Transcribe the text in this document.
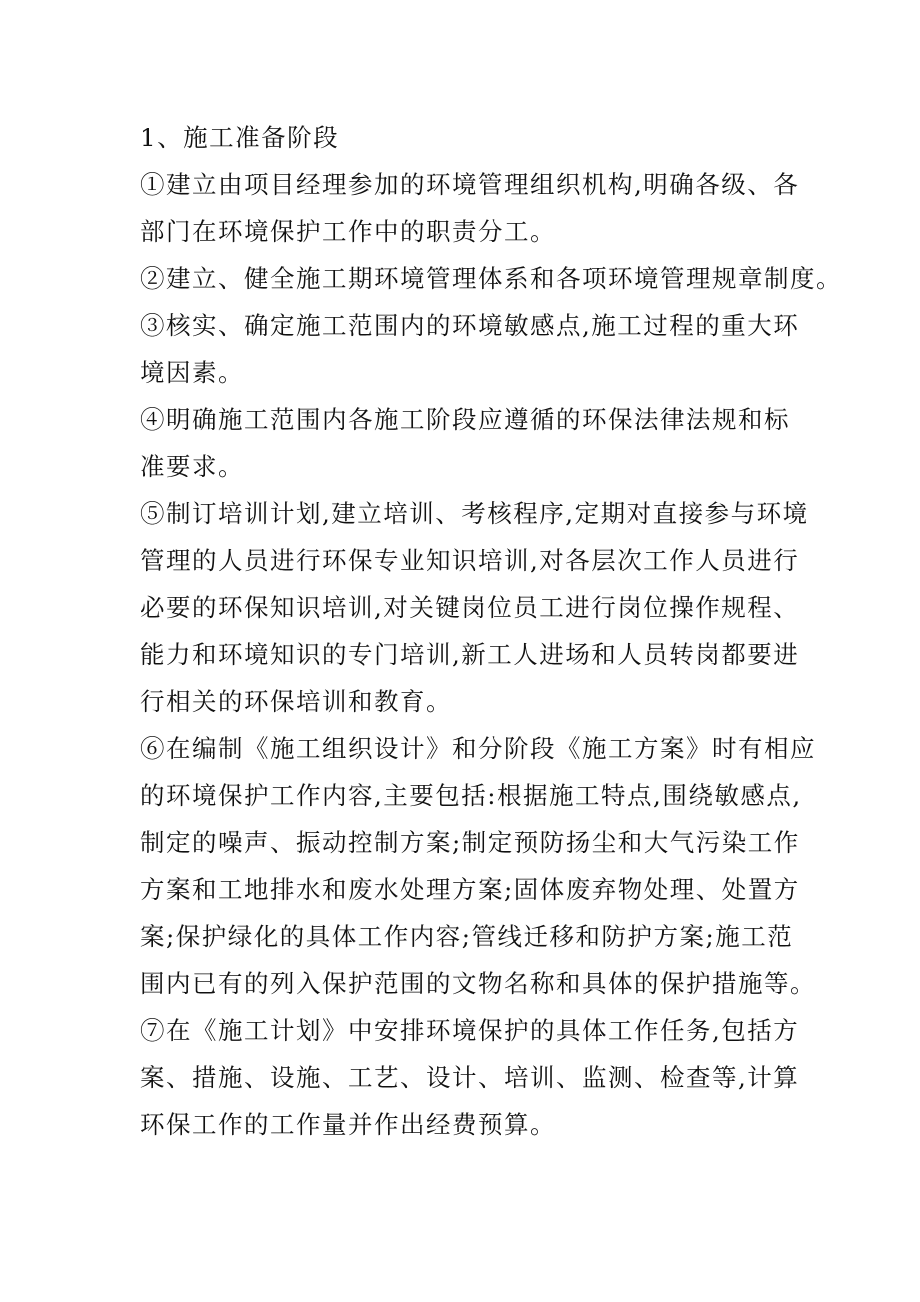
1、施工准备阶段
①建立由项目经理参加的环境管理组织机构,明确各级、各
部门在环境保护工作中的职责分工。
②建立、健全施工期环境管理体系和各项环境管理规章制度。
③核实、确定施工范围内的环境敏感点,施工过程的重大环
境因素。
④明确施工范围内各施工阶段应遵循的环保法律法规和标
准要求。
⑤制订培训计划,建立培训、考核程序,定期对直接参与环境
管理的人员进行环保专业知识培训,对各层次工作人员进行
必要的环保知识培训,对关键岗位员工进行岗位操作规程、
能力和环境知识的专门培训,新工人进场和人员转岗都要进
行相关的环保培训和教育。
⑥在编制《施工组织设计》和分阶段《施工方案》时有相应
的环境保护工作内容,主要包括:根据施工特点,围绕敏感点,
制定的噪声、振动控制方案;制定预防扬尘和大气污染工作
方案和工地排水和废水处理方案;固体废弃物处理、处置方
案;保护绿化的具体工作内容;管线迁移和防护方案;施工范
围内已有的列入保护范围的文物名称和具体的保护措施等。
⑦在《施工计划》中安排环境保护的具体工作任务,包括方
案、措施、设施、工艺、设计、培训、监测、检查等,计算
环保工作的工作量并作出经费预算。
